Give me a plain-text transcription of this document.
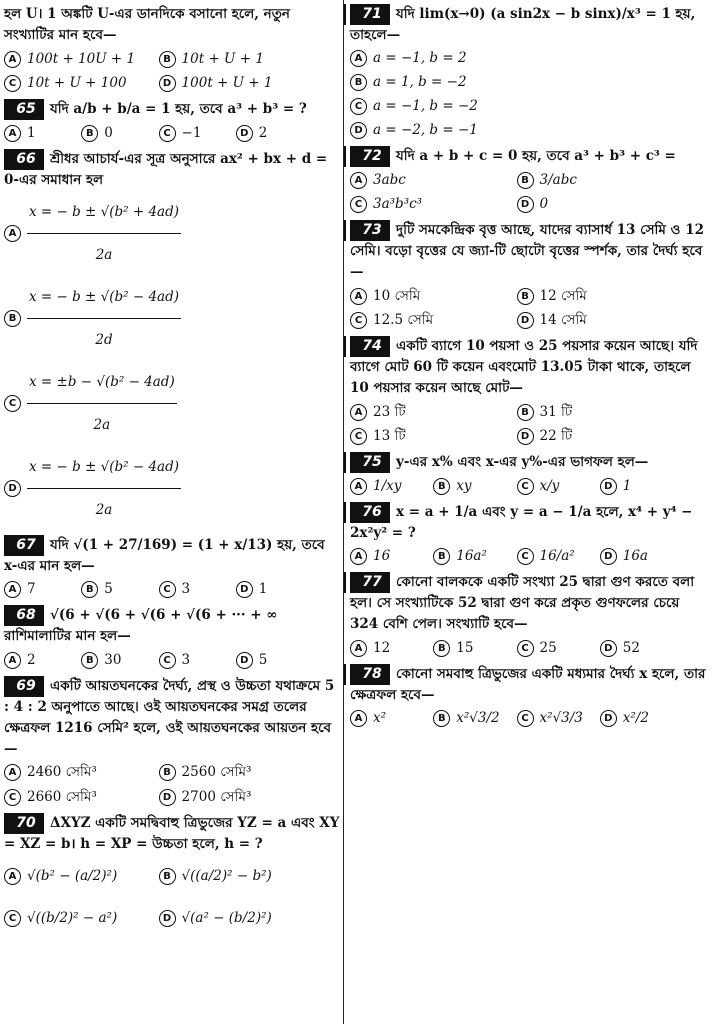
হল U। 1 অঙ্কটি U-এর ডানদিকে বসানো হলে, নতুন সংখ্যাটির মান হবে—
A 100t + 10U + 1	B 10t + U + 1 C 10t + U + 100	D 100t + U + 1
65 যদি a/b + b/a = 1 হয়, তবে a³ + b³ = ?
A 1	B 0	C −1	D 2
66 শ্রীধর আচার্য-এর সূত্র অনুসারে ax² + bx + d = 0-এর সমাধান হল
A $\frac{\text{x = − b ± √(b² + 4ad)}}{2a}$
B $\frac{\text{x = − b ± √(b² − 4ad)}}{2d}$
C $\frac{\text{x = ±b − √(b² − 4ad)}}{2a}$
D $\frac{\text{x = − b ± √(b² − 4ad)}}{2a}$
67 যদি √(1 + 27/169) = (1 + x/13) হয়, তবে x-এর মান হল—
A 7	B 5	C 3	D 1
68 √(6 + √(6 + √(6 + √(6 + ··· + ∞ রাশিমালাটির মান হল—
A 2	B 30	C 3	D 5
69 একটি আয়তঘনকের দৈর্ঘ্য, প্রস্থ ও উচ্চতা যথাক্রমে 5 : 4 : 2 অনুপাতে আছে। ওই আয়তঘনকের সমগ্র তলের ক্ষেত্রফল 1216 সেমি² হলে, ওই আয়তঘনকের আয়তন হবে—
A 2460 সেমি³	B 2560 সেমি³ C 2660 সেমি³	D 2700 সেমি³
70 ΔXYZ একটি সমদ্বিবাহু ত্রিভুজের YZ = a এবং XY = XZ = b। h = XP = উচ্চতা হলে, h = ?
A √(b² − (a/2)²)	B √((a/2)² − b²) C √((b/2)² − a²)	D √(a² − (b/2)²)
71 যদি lim(x→0) (a sin2x − b sinx)/x³ = 1 হয়, তাহলে—
A a = −1, b = 2
B a = 1, b = −2
C a = −1, b = −2
D a = −2, b = −1
72 যদি a + b + c = 0 হয়, তবে a³ + b³ + c³ =
A 3abc	B 3/abc C 3a³b³c³	D 0
73 দুটি সমকেন্দ্রিক বৃত্ত আছে, যাদের ব্যাসার্ধ 13 সেমি ও 12 সেমি। বড়ো বৃত্তের যে জ্যা-টি ছোটো বৃত্তের স্পর্শক, তার দৈর্ঘ্য হবে—
A 10 সেমি	B 12 সেমি C 12.5 সেমি	D 14 সেমি
74 একটি ব্যাগে 10 পয়সা ও 25 পয়সার কয়েন আছে। যদি ব্যাগে মোট 60 টি কয়েন এবংমোট 13.05 টাকা থাকে, তাহলে 10 পয়সার কয়েন আছে মোট—
A 23 টি	B 31 টি C 13 টি	D 22 টি
75 y-এর x% এবং x-এর y%-এর ভাগফল হল—
A 1/xy	B xy	C x/y	D 1
76 x = a + 1/a এবং y = a − 1/a হলে, x⁴ + y⁴ − 2x²y² = ?
A 16	B 16a²	C 16/a²	D 16a
77 কোনো বালককে একটি সংখ্যা 25 দ্বারা গুণ করতে বলা হল। সে সংখ্যাটিকে 52 দ্বারা গুণ করে প্রকৃত গুণফলের চেয়ে 324 বেশি পেল। সংখ্যাটি হবে—
A 12	B 15	C 25	D 52
78 কোনো সমবাহু ত্রিভুজের একটি মধ্যমার দৈর্ঘ্য x হলে, তার ক্ষেত্রফল হবে—
A x²	B x²√3/2 C x²√3/3 D x²/2
